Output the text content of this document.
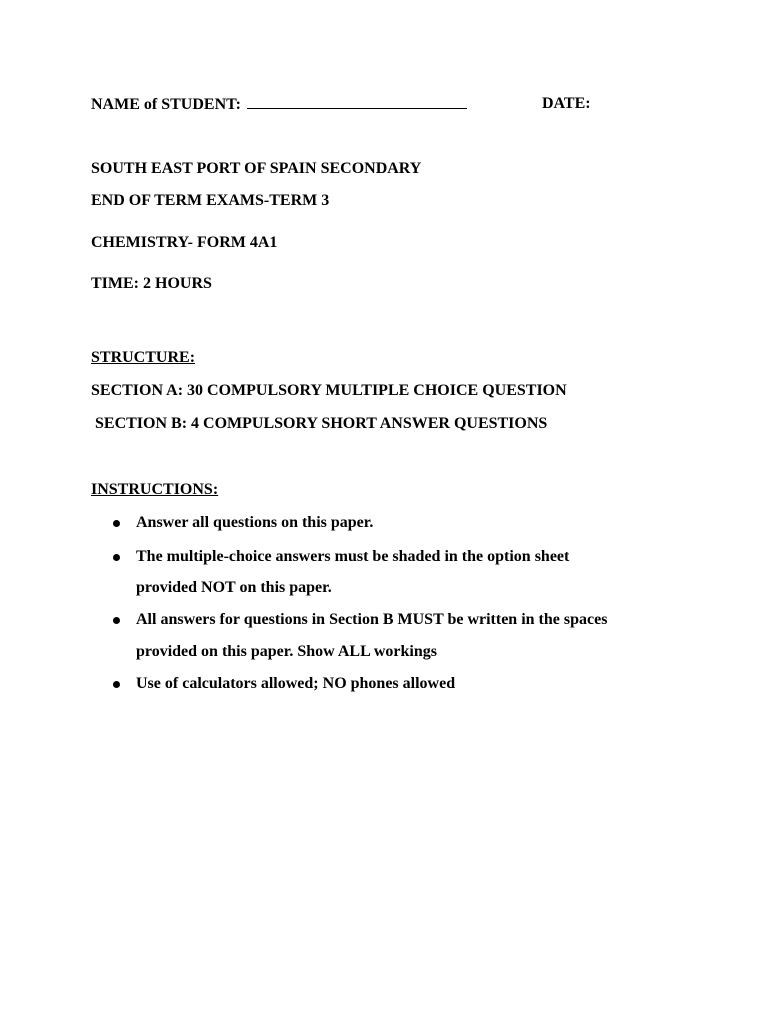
NAME of STUDENT:	DATE:
SOUTH EAST PORT OF SPAIN SECONDARY
END OF TERM EXAMS-TERM 3
CHEMISTRY- FORM 4A1
TIME: 2 HOURS
STRUCTURE:
SECTION A: 30 COMPULSORY MULTIPLE CHOICE QUESTION
SECTION B: 4 COMPULSORY SHORT ANSWER QUESTIONS
INSTRUCTIONS:
Answer all questions on this paper.
The multiple-choice answers must be shaded in the option sheet
provided NOT on this paper.
All answers for questions in Section B MUST be written in the spaces
provided on this paper. Show ALL workings
Use of calculators allowed; NO phones allowed
